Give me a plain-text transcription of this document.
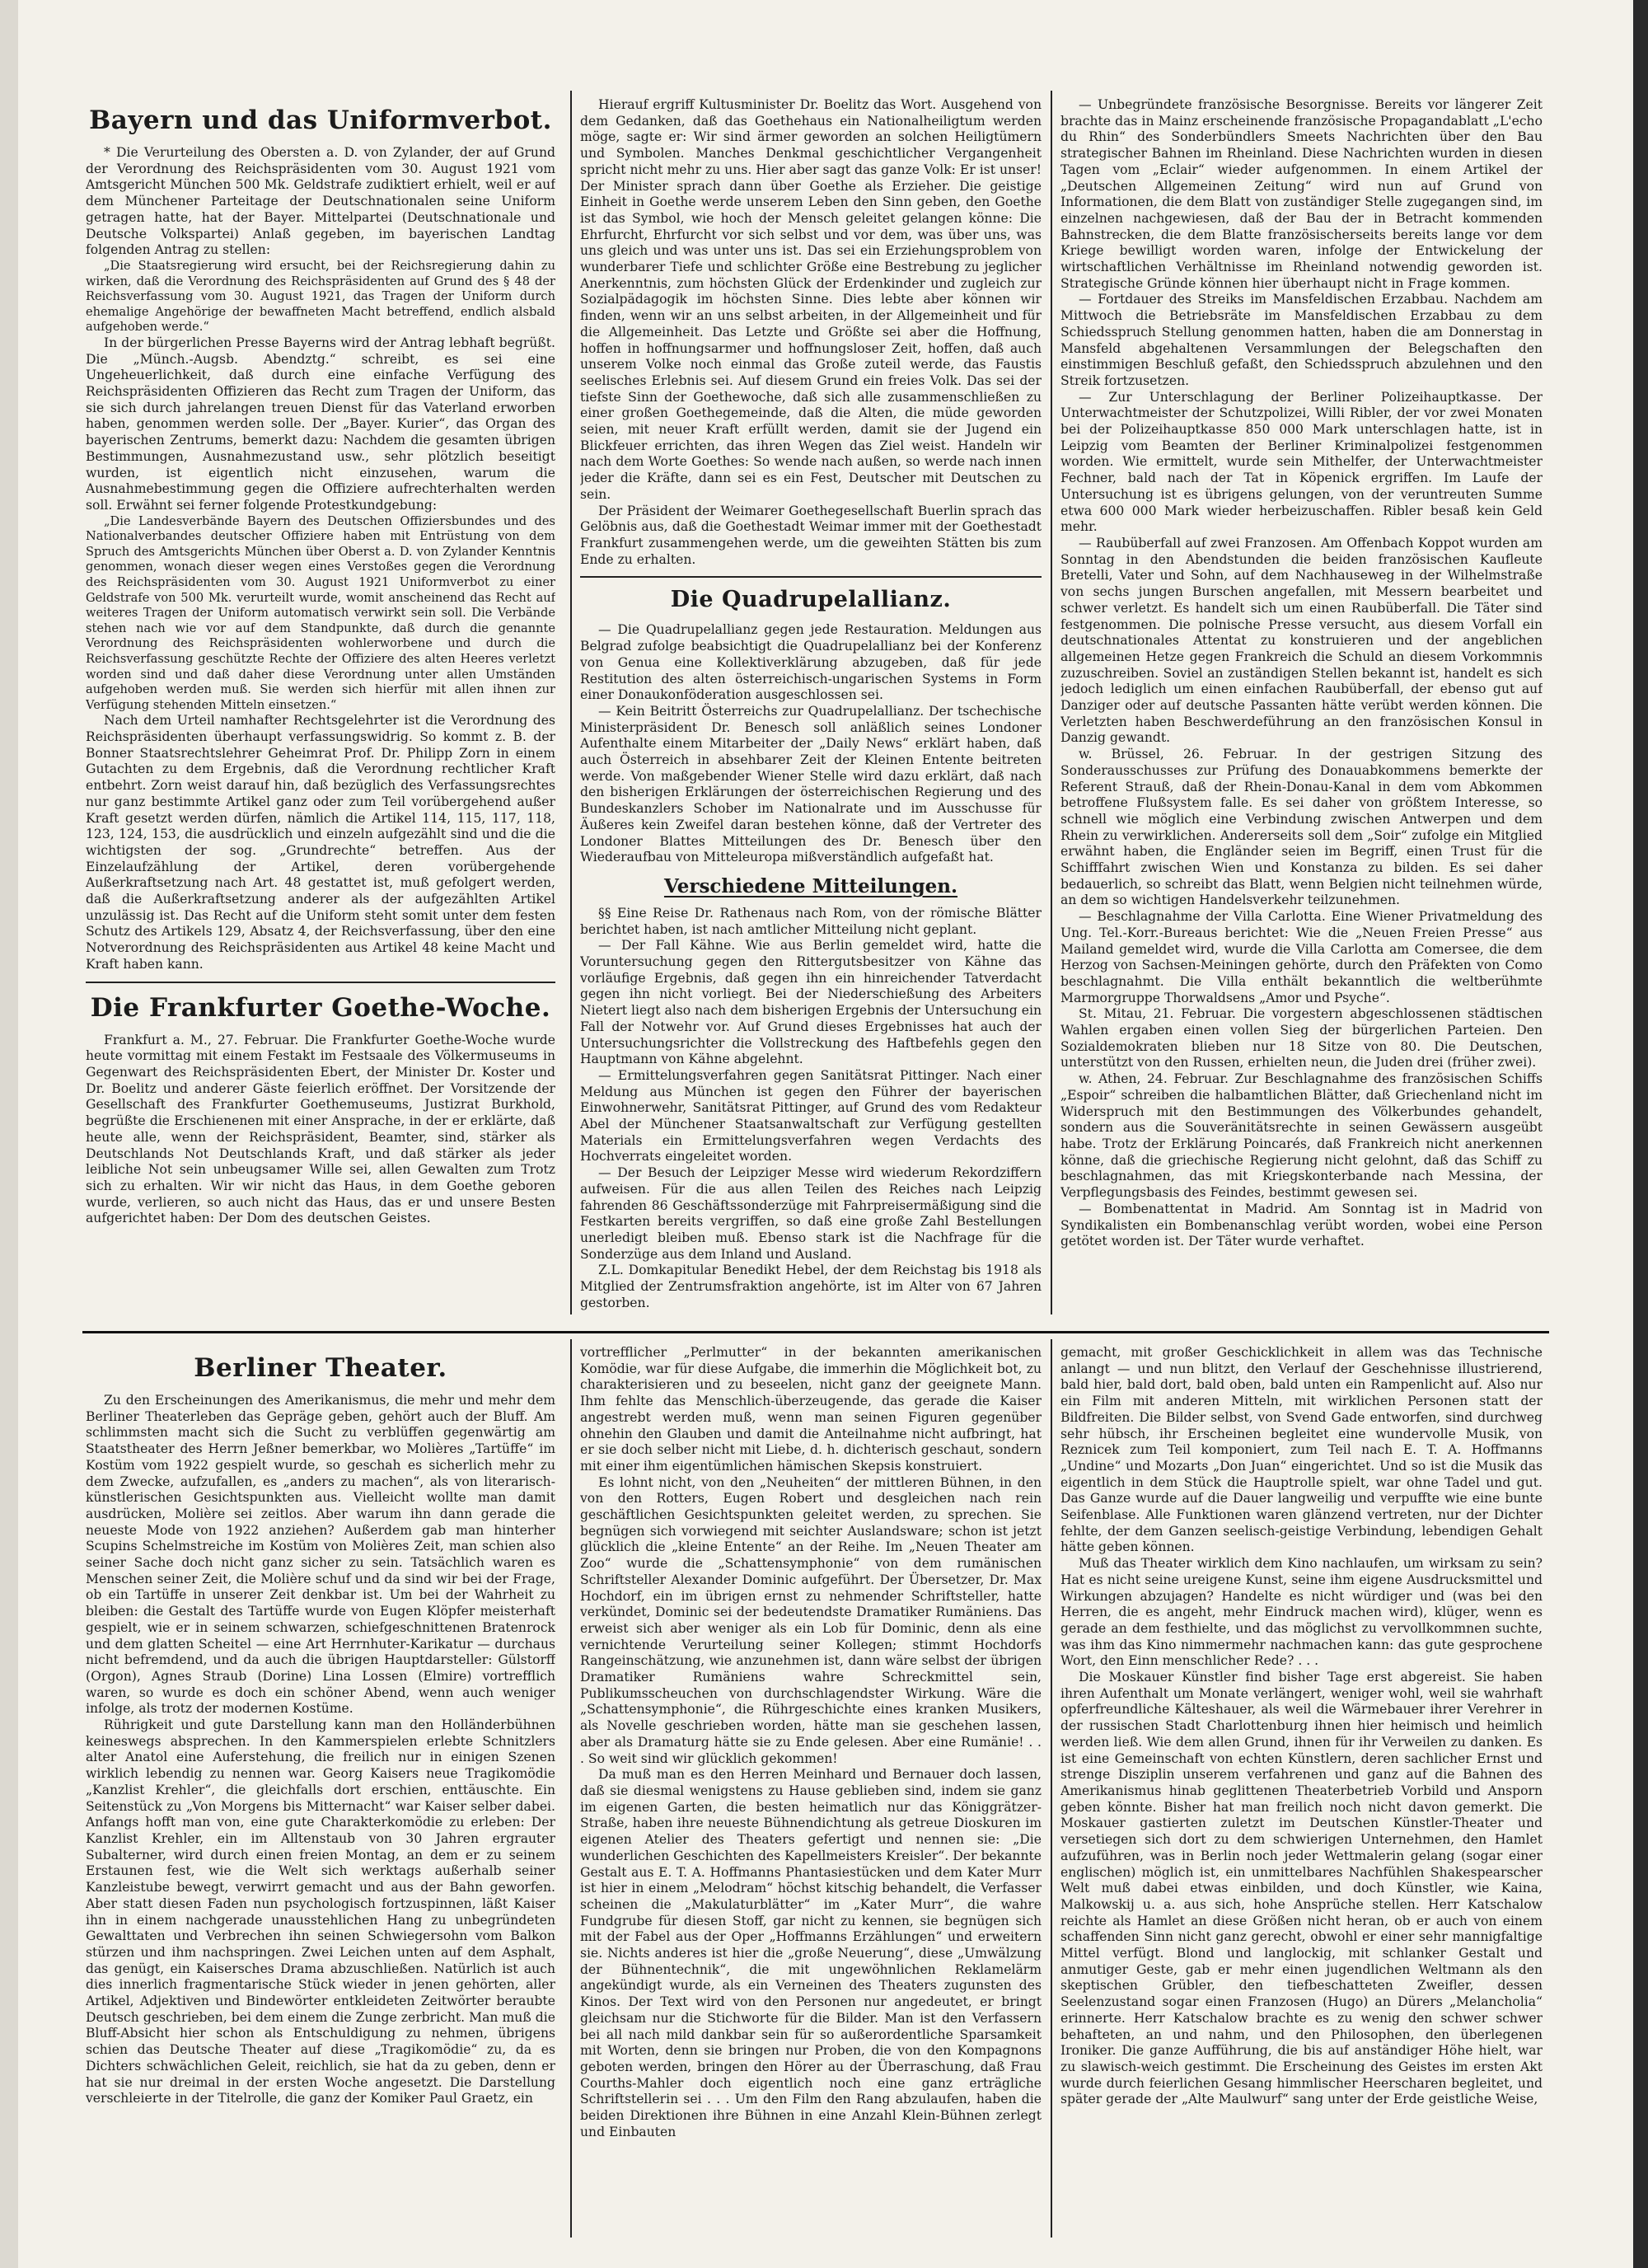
Bayern und das Uniformverbot.

* Die Verurteilung des Obersten a. D. von Zylander, der auf Grund der Verordnung des Reichspräsidenten vom 30. August 1921 vom Amtsgericht München 500 Mk. Geldstrafe zudiktiert erhielt, weil er auf dem Münchener Parteitage der Deutschnationalen seine Uniform getragen hatte, hat der Bayer. Mittelpartei (Deutschnationale und Deutsche Volkspartei) Anlaß gegeben, im bayerischen Landtag folgenden Antrag zu stellen:

„Die Staatsregierung wird ersucht, bei der Reichsregierung dahin zu wirken, daß die Verordnung des Reichspräsidenten auf Grund des § 48 der Reichsverfassung vom 30. August 1921, das Tragen der Uniform durch ehemalige Angehörige der bewaffneten Macht betreffend, endlich alsbald aufgehoben werde.“

In der bürgerlichen Presse Bayerns wird der Antrag lebhaft begrüßt. Die „Münch.-Augsb. Abendztg.“ schreibt, es sei eine Ungeheuerlichkeit, daß durch eine einfache Verfügung des Reichspräsidenten Offizieren das Recht zum Tragen der Uniform, das sie sich durch jahrelangen treuen Dienst für das Vaterland erworben haben, genommen werden solle. Der „Bayer. Kurier“, das Organ des bayerischen Zentrums, bemerkt dazu: Nachdem die gesamten übrigen Bestimmungen, Ausnahmezustand usw., sehr plötzlich beseitigt wurden, ist eigentlich nicht einzusehen, warum die Ausnahmebestimmung gegen die Offiziere aufrechterhalten werden soll. Erwähnt sei ferner folgende Protestkundgebung:

„Die Landesverbände Bayern des Deutschen Offiziersbundes und des Nationalverbandes deutscher Offiziere haben mit Entrüstung von dem Spruch des Amtsgerichts München über Oberst a. D. von Zylander Kenntnis genommen, wonach dieser wegen eines Verstoßes gegen die Verordnung des Reichspräsidenten vom 30. August 1921 Uniformverbot zu einer Geldstrafe von 500 Mk. verurteilt wurde, womit anscheinend das Recht auf weiteres Tragen der Uniform automatisch verwirkt sein soll. Die Verbände stehen nach wie vor auf dem Standpunkte, daß durch die genannte Verordnung des Reichspräsidenten wohlerworbene und durch die Reichsverfassung geschützte Rechte der Offiziere des alten Heeres verletzt worden sind und daß daher diese Verordnung unter allen Umständen aufgehoben werden muß. Sie werden sich hierfür mit allen ihnen zur Verfügung stehenden Mitteln einsetzen.“

Nach dem Urteil namhafter Rechtsgelehrter ist die Verordnung des Reichspräsidenten überhaupt verfassungswidrig. So kommt z. B. der Bonner Staatsrechtslehrer Geheimrat Prof. Dr. Philipp Zorn in einem Gutachten zu dem Ergebnis, daß die Verordnung rechtlicher Kraft entbehrt. Zorn weist darauf hin, daß bezüglich des Verfassungsrechtes nur ganz bestimmte Artikel ganz oder zum Teil vorübergehend außer Kraft gesetzt werden dürfen, nämlich die Artikel 114, 115, 117, 118, 123, 124, 153, die ausdrücklich und einzeln aufgezählt sind und die die wichtigsten der sog. „Grundrechte“ betreffen. Aus der Einzelaufzählung der Artikel, deren vorübergehende Außerkraftsetzung nach Art. 48 gestattet ist, muß gefolgert werden, daß die Außerkraftsetzung anderer als der aufgezählten Artikel unzulässig ist. Das Recht auf die Uniform steht somit unter dem festen Schutz des Artikels 129, Absatz 4, der Reichsverfassung, über den eine Notverordnung des Reichspräsidenten aus Artikel 48 keine Macht und Kraft haben kann.

Die Frankfurter Goethe-Woche.

Frankfurt a. M., 27. Februar. Die Frankfurter Goethe-Woche wurde heute vormittag mit einem Festakt im Festsaale des Völkermuseums in Gegenwart des Reichspräsidenten Ebert, der Minister Dr. Koster und Dr. Boelitz und anderer Gäste feierlich eröffnet. Der Vorsitzende der Gesellschaft des Frankfurter Goethemuseums, Justizrat Burkhold, begrüßte die Erschienenen mit einer Ansprache, in der er erklärte, daß heute alle, wenn der Reichspräsident, Beamter, sind, stärker als Deutschlands Not Deutschlands Kraft, und daß stärker als jeder leibliche Not sein unbeugsamer Wille sei, allen Gewalten zum Trotz sich zu erhalten. Wir wir nicht das Haus, in dem Goethe geboren wurde, verlieren, so auch nicht das Haus, das er und unsere Besten aufgerichtet haben: Der Dom des deutschen Geistes.

Hierauf ergriff Kultusminister Dr. Boelitz das Wort. Ausgehend von dem Gedanken, daß das Goethehaus ein Nationalheiligtum werden möge, sagte er: Wir sind ärmer geworden an solchen Heiligtümern und Symbolen. Manches Denkmal geschichtlicher Vergangenheit spricht nicht mehr zu uns. Hier aber sagt das ganze Volk: Er ist unser! Der Minister sprach dann über Goethe als Erzieher. Die geistige Einheit in Goethe werde unserem Leben den Sinn geben, den Goethe ist das Symbol, wie hoch der Mensch geleitet gelangen könne: Die Ehrfurcht, Ehrfurcht vor sich selbst und vor dem, was über uns, was uns gleich und was unter uns ist. Das sei ein Erziehungsproblem von wunderbarer Tiefe und schlichter Größe eine Bestrebung zu jeglicher Anerkenntnis, zum höchsten Glück der Erdenkinder und zugleich zur Sozialpädagogik im höchsten Sinne. Dies lebte aber können wir finden, wenn wir an uns selbst arbeiten, in der Allgemeinheit und für die Allgemeinheit. Das Letzte und Größte sei aber die Hoffnung, hoffen in hoffnungsarmer und hoffnungsloser Zeit, hoffen, daß auch unserem Volke noch einmal das Große zuteil werde, das Faustis seelisches Erlebnis sei. Auf diesem Grund ein freies Volk. Das sei der tiefste Sinn der Goethewoche, daß sich alle zusammenschließen zu einer großen Goethegemeinde, daß die Alten, die müde geworden seien, mit neuer Kraft erfüllt werden, damit sie der Jugend ein Blickfeuer errichten, das ihren Wegen das Ziel weist. Handeln wir nach dem Worte Goethes: So wende nach außen, so werde nach innen jeder die Kräfte, dann sei es ein Fest, Deutscher mit Deutschen zu sein.

Der Präsident der Weimarer Goethegesellschaft Buerlin sprach das Gelöbnis aus, daß die Goethestadt Weimar immer mit der Goethestadt Frankfurt zusammengehen werde, um die geweihten Stätten bis zum Ende zu erhalten.

Die Quadrupelallianz.

— Die Quadrupelallianz gegen jede Restauration. Meldungen aus Belgrad zufolge beabsichtigt die Quadrupelallianz bei der Konferenz von Genua eine Kollektiverklärung abzugeben, daß für jede Restitution des alten österreichisch-ungarischen Systems in Form einer Donaukonföderation ausgeschlossen sei.

— Kein Beitritt Österreichs zur Quadrupelallianz. Der tschechische Ministerpräsident Dr. Benesch soll anläßlich seines Londoner Aufenthalte einem Mitarbeiter der „Daily News“ erklärt haben, daß auch Österreich in absehbarer Zeit der Kleinen Entente beitreten werde. Von maßgebender Wiener Stelle wird dazu erklärt, daß nach den bisherigen Erklärungen der österreichischen Regierung und des Bundeskanzlers Schober im Nationalrate und im Ausschusse für Äußeres kein Zweifel daran bestehen könne, daß der Vertreter des Londoner Blattes Mitteilungen des Dr. Benesch über den Wiederaufbau von Mitteleuropa mißverständlich aufgefaßt hat.

Verschiedene Mitteilungen.

§§ Eine Reise Dr. Rathenaus nach Rom, von der römische Blätter berichtet haben, ist nach amtlicher Mitteilung nicht geplant.

— Der Fall Kähne. Wie aus Berlin gemeldet wird, hatte die Voruntersuchung gegen den Rittergutsbesitzer von Kähne das vorläufige Ergebnis, daß gegen ihn ein hinreichender Tatverdacht gegen ihn nicht vorliegt. Bei der Niederschießung des Arbeiters Nietert liegt also nach dem bisherigen Ergebnis der Untersuchung ein Fall der Notwehr vor. Auf Grund dieses Ergebnisses hat auch der Untersuchungsrichter die Vollstreckung des Haftbefehls gegen den Hauptmann von Kähne abgelehnt.

— Ermittelungsverfahren gegen Sanitätsrat Pittinger. Nach einer Meldung aus München ist gegen den Führer der bayerischen Einwohnerwehr, Sanitätsrat Pittinger, auf Grund des vom Redakteur Abel der Münchener Staatsanwaltschaft zur Verfügung gestellten Materials ein Ermittelungsverfahren wegen Verdachts des Hochverrats eingeleitet worden.

— Der Besuch der Leipziger Messe wird wiederum Rekordziffern aufweisen. Für die aus allen Teilen des Reiches nach Leipzig fahrenden 86 Geschäftssonderzüge mit Fahrpreisermäßigung sind die Festkarten bereits vergriffen, so daß eine große Zahl Bestellungen unerledigt bleiben muß. Ebenso stark ist die Nachfrage für die Sonderzüge aus dem Inland und Ausland.

Z.L. Domkapitular Benedikt Hebel, der dem Reichstag bis 1918 als Mitglied der Zentrumsfraktion angehörte, ist im Alter von 67 Jahren gestorben.

— Unbegründete französische Besorgnisse. Bereits vor längerer Zeit brachte das in Mainz erscheinende französische Propagandablatt „L'echo du Rhin“ des Sonderbündlers Smeets Nachrichten über den Bau strategischer Bahnen im Rheinland. Diese Nachrichten wurden in diesen Tagen vom „Eclair“ wieder aufgenommen. In einem Artikel der „Deutschen Allgemeinen Zeitung“ wird nun auf Grund von Informationen, die dem Blatt von zuständiger Stelle zugegangen sind, im einzelnen nachgewiesen, daß der Bau der in Betracht kommenden Bahnstrecken, die dem Blatte französischerseits bereits lange vor dem Kriege bewilligt worden waren, infolge der Entwickelung der wirtschaftlichen Verhältnisse im Rheinland notwendig geworden ist. Strategische Gründe können hier überhaupt nicht in Frage kommen.

— Fortdauer des Streiks im Mansfeldischen Erzabbau. Nachdem am Mittwoch die Betriebsräte im Mansfeldischen Erzabbau zu dem Schiedsspruch Stellung genommen hatten, haben die am Donnerstag in Mansfeld abgehaltenen Versammlungen der Belegschaften den einstimmigen Beschluß gefaßt, den Schiedsspruch abzulehnen und den Streik fortzusetzen.

— Zur Unterschlagung der Berliner Polizeihauptkasse. Der Unterwachtmeister der Schutzpolizei, Willi Ribler, der vor zwei Monaten bei der Polizeihauptkasse 850 000 Mark unterschlagen hatte, ist in Leipzig vom Beamten der Berliner Kriminalpolizei festgenommen worden. Wie ermittelt, wurde sein Mithelfer, der Unterwachtmeister Fechner, bald nach der Tat in Köpenick ergriffen. Im Laufe der Untersuchung ist es übrigens gelungen, von der veruntreuten Summe etwa 600 000 Mark wieder herbeizuschaffen. Ribler besaß kein Geld mehr.

— Raubüberfall auf zwei Franzosen. Am Offenbach Koppot wurden am Sonntag in den Abendstunden die beiden französischen Kaufleute Bretelli, Vater und Sohn, auf dem Nachhauseweg in der Wilhelmstraße von sechs jungen Burschen angefallen, mit Messern bearbeitet und schwer verletzt. Es handelt sich um einen Raubüberfall. Die Täter sind festgenommen. Die polnische Presse versucht, aus diesem Vorfall ein deutschnationales Attentat zu konstruieren und der angeblichen allgemeinen Hetze gegen Frankreich die Schuld an diesem Vorkommnis zuzuschreiben. Soviel an zuständigen Stellen bekannt ist, handelt es sich jedoch lediglich um einen einfachen Raubüberfall, der ebenso gut auf Danziger oder auf deutsche Passanten hätte verübt werden können. Die Verletzten haben Beschwerdeführung an den französischen Konsul in Danzig gewandt.

w. Brüssel, 26. Februar. In der gestrigen Sitzung des Sonderausschusses zur Prüfung des Donauabkommens bemerkte der Referent Strauß, daß der Rhein-Donau-Kanal in dem vom Abkommen betroffene Flußsystem falle. Es sei daher von größtem Interesse, so schnell wie möglich eine Verbindung zwischen Antwerpen und dem Rhein zu verwirklichen. Andererseits soll dem „Soir“ zufolge ein Mitglied erwähnt haben, die Engländer seien im Begriff, einen Trust für die Schifffahrt zwischen Wien und Konstanza zu bilden. Es sei daher bedauerlich, so schreibt das Blatt, wenn Belgien nicht teilnehmen würde, an dem so wichtigen Handelsverkehr teilzunehmen.

— Beschlagnahme der Villa Carlotta. Eine Wiener Privatmeldung des Ung. Tel.-Korr.-Bureaus berichtet: Wie die „Neuen Freien Presse“ aus Mailand gemeldet wird, wurde die Villa Carlotta am Comersee, die dem Herzog von Sachsen-Meiningen gehörte, durch den Präfekten von Como beschlagnahmt. Die Villa enthält bekanntlich die weltberühmte Marmorgruppe Thorwaldsens „Amor und Psyche“.

St. Mitau, 21. Februar. Die vorgestern abgeschlossenen städtischen Wahlen ergaben einen vollen Sieg der bürgerlichen Parteien. Den Sozialdemokraten blieben nur 18 Sitze von 80. Die Deutschen, unterstützt von den Russen, erhielten neun, die Juden drei (früher zwei).

w. Athen, 24. Februar. Zur Beschlagnahme des französischen Schiffs „Espoir“ schreiben die halbamtlichen Blätter, daß Griechenland nicht im Widerspruch mit den Bestimmungen des Völkerbundes gehandelt, sondern aus die Souveränitätsrechte in seinen Gewässern ausgeübt habe. Trotz der Erklärung Poincarés, daß Frankreich nicht anerkennen könne, daß die griechische Regierung nicht gelohnt, daß das Schiff zu beschlagnahmen, das mit Kriegskonterbande nach Messina, der Verpflegungsbasis des Feindes, bestimmt gewesen sei.

— Bombenattentat in Madrid. Am Sonntag ist in Madrid von Syndikalisten ein Bombenanschlag verübt worden, wobei eine Person getötet worden ist. Der Täter wurde verhaftet.

Berliner Theater.

Zu den Erscheinungen des Amerikanismus, die mehr und mehr dem Berliner Theaterleben das Gepräge geben, gehört auch der Bluff. Am schlimmsten macht sich die Sucht zu verblüffen gegenwärtig am Staatstheater des Herrn Jeßner bemerkbar, wo Molières „Tartüffe“ im Kostüm vom 1922 gespielt wurde, so geschah es sicherlich mehr zu dem Zwecke, aufzufallen, es „anders zu machen“, als von literarisch-künstlerischen Gesichtspunkten aus. Vielleicht wollte man damit ausdrücken, Molière sei zeitlos. Aber warum ihn dann gerade die neueste Mode von 1922 anziehen? Außerdem gab man hinterher Scupins Schelmstreiche im Kostüm von Molières Zeit, man schien also seiner Sache doch nicht ganz sicher zu sein. Tatsächlich waren es Menschen seiner Zeit, die Molière schuf und da sind wir bei der Frage, ob ein Tartüffe in unserer Zeit denkbar ist. Um bei der Wahrheit zu bleiben: die Gestalt des Tartüffe wurde von Eugen Klöpfer meisterhaft gespielt, wie er in seinem schwarzen, schiefgeschnittenen Bratenrock und dem glatten Scheitel — eine Art Herrnhuter-Karikatur — durchaus nicht befremdend, und da auch die übrigen Hauptdarsteller: Gülstorff (Orgon), Agnes Straub (Dorine) Lina Lossen (Elmire) vortrefflich waren, so wurde es doch ein schöner Abend, wenn auch weniger infolge, als trotz der modernen Kostüme.

Rührigkeit und gute Darstellung kann man den Holländerbühnen keineswegs absprechen. In den Kammerspielen erlebte Schnitzlers alter Anatol eine Auferstehung, die freilich nur in einigen Szenen wirklich lebendig zu nennen war. Georg Kaisers neue Tragikomödie „Kanzlist Krehler“, die gleichfalls dort erschien, enttäuschte. Ein Seitenstück zu „Von Morgens bis Mitternacht“ war Kaiser selber dabei. Anfangs hofft man von, eine gute Charakterkomödie zu erleben: Der Kanzlist Krehler, ein im Alltenstaub von 30 Jahren ergrauter Subalterner, wird durch einen freien Montag, an dem er zu seinem Erstaunen fest, wie die Welt sich werktags außerhalb seiner Kanzleistube bewegt, verwirrt gemacht und aus der Bahn geworfen. Aber statt diesen Faden nun psychologisch fortzuspinnen, läßt Kaiser ihn in einem nachgerade unausstehlichen Hang zu unbegründeten Gewalttaten und Verbrechen ihn seinen Schwiegersohn vom Balkon stürzen und ihm nachspringen. Zwei Leichen unten auf dem Asphalt, das genügt, ein Kaisersches Drama abzuschließen. Natürlich ist auch dies innerlich fragmentarische Stück wieder in jenen gehörten, aller Artikel, Adjektiven und Bindewörter entkleideten Zeitwörter beraubte Deutsch geschrieben, bei dem einem die Zunge zerbricht. Man muß die Bluff-Absicht hier schon als Entschuldigung zu nehmen, übrigens schien das Deutsche Theater auf diese „Tragikomödie“ zu, da es Dichters schwächlichen Geleit, reichlich, sie hat da zu geben, denn er hat sie nur dreimal in der ersten Woche angesetzt. Die Darstellung verschleierte in der Titelrolle, die ganz der Komiker Paul Graetz, ein

vortrefflicher „Perlmutter“ in der bekannten amerikanischen Komödie, war für diese Aufgabe, die immerhin die Möglichkeit bot, zu charakterisieren und zu beseelen, nicht ganz der geeignete Mann. Ihm fehlte das Menschlich-überzeugende, das gerade die Kaiser angestrebt werden muß, wenn man seinen Figuren gegenüber ohnehin den Glauben und damit die Anteilnahme nicht aufbringt, hat er sie doch selber nicht mit Liebe, d. h. dichterisch geschaut, sondern mit einer ihm eigentümlichen hämischen Skepsis konstruiert.

Es lohnt nicht, von den „Neuheiten“ der mittleren Bühnen, in den von den Rotters, Eugen Robert und desgleichen nach rein geschäftlichen Gesichtspunkten geleitet werden, zu sprechen. Sie begnügen sich vorwiegend mit seichter Auslandsware; schon ist jetzt glücklich die „kleine Entente“ an der Reihe. Im „Neuen Theater am Zoo“ wurde die „Schattensymphonie“ von dem rumänischen Schriftsteller Alexander Dominic aufgeführt. Der Übersetzer, Dr. Max Hochdorf, ein im übrigen ernst zu nehmender Schriftsteller, hatte verkündet, Dominic sei der bedeutendste Dramatiker Rumäniens. Das erweist sich aber weniger als ein Lob für Dominic, denn als eine vernichtende Verurteilung seiner Kollegen; stimmt Hochdorfs Rangeinschätzung, wie anzunehmen ist, dann wäre selbst der übrigen Dramatiker Rumäniens wahre Schreckmittel sein, Publikumsscheuchen von durchschlagendster Wirkung. Wäre die „Schattensymphonie“, die Rührgeschichte eines kranken Musikers, als Novelle geschrieben worden, hätte man sie geschehen lassen, aber als Dramaturg hätte sie zu Ende gelesen. Aber eine Rumänie! . . . So weit sind wir glücklich gekommen!

Da muß man es den Herren Meinhard und Bernauer doch lassen, daß sie diesmal wenigstens zu Hause geblieben sind, indem sie ganz im eigenen Garten, die besten heimatlich nur das Königgrätzer-Straße, haben ihre neueste Bühnendichtung als getreue Dioskuren im eigenen Atelier des Theaters gefertigt und nennen sie: „Die wunderlichen Geschichten des Kapellmeisters Kreisler“. Der bekannte Gestalt aus E. T. A. Hoffmanns Phantasiestücken und dem Kater Murr ist hier in einem „Melodram“ höchst kitschig behandelt, die Verfasser scheinen die „Makulaturblätter“ im „Kater Murr“, die wahre Fundgrube für diesen Stoff, gar nicht zu kennen, sie begnügen sich mit der Fabel aus der Oper „Hoffmanns Erzählungen“ und erweitern sie. Nichts anderes ist hier die „große Neuerung“, diese „Umwälzung der Bühnentechnik“, die mit ungewöhnlichen Reklamelärm angekündigt wurde, als ein Verneinen des Theaters zugunsten des Kinos. Der Text wird von den Personen nur angedeutet, er bringt gleichsam nur die Stichworte für die Bilder. Man ist den Verfassern bei all nach mild dankbar sein für so außerordentliche Sparsamkeit mit Worten, denn sie bringen nur Proben, die von den Kompagnons geboten werden, bringen den Hörer au der Überraschung, daß Frau Courths-Mahler doch eigentlich noch eine ganz erträgliche Schriftstellerin sei . . . Um den Film den Rang abzulaufen, haben die beiden Direktionen ihre Bühnen in eine Anzahl Klein-Bühnen zerlegt und Einbauten

gemacht, mit großer Geschicklichkeit in allem was das Technische anlangt — und nun blitzt, den Verlauf der Geschehnisse illustrierend, bald hier, bald dort, bald oben, bald unten ein Rampenlicht auf. Also nur ein Film mit anderen Mitteln, mit wirklichen Personen statt der Bildfreiten. Die Bilder selbst, von Svend Gade entworfen, sind durchweg sehr hübsch, ihr Erscheinen begleitet eine wundervolle Musik, von Reznicek zum Teil komponiert, zum Teil nach E. T. A. Hoffmanns „Undine“ und Mozarts „Don Juan“ eingerichtet. Und so ist die Musik das eigentlich in dem Stück die Hauptrolle spielt, war ohne Tadel und gut. Das Ganze wurde auf die Dauer langweilig und verpuffte wie eine bunte Seifenblase. Alle Funktionen waren glänzend vertreten, nur der Dichter fehlte, der dem Ganzen seelisch-geistige Verbindung, lebendigen Gehalt hätte geben können.

Muß das Theater wirklich dem Kino nachlaufen, um wirksam zu sein? Hat es nicht seine ureigene Kunst, seine ihm eigene Ausdrucksmittel und Wirkungen abzujagen? Handelte es nicht würdiger und (was bei den Herren, die es angeht, mehr Eindruck machen wird), klüger, wenn es gerade an dem festhielte, und das möglichst zu vervollkommnen suchte, was ihm das Kino nimmermehr nachmachen kann: das gute gesprochene Wort, den Einn menschlicher Rede? . . .

Die Moskauer Künstler find bisher Tage erst abgereist. Sie haben ihren Aufenthalt um Monate verlängert, weniger wohl, weil sie wahrhaft opferfreundliche Kälteshauer, als weil die Wärmebauer ihrer Verehrer in der russischen Stadt Charlottenburg ihnen hier heimisch und heimlich werden ließ. Wie dem allen Grund, ihnen für ihr Verweilen zu danken. Es ist eine Gemeinschaft von echten Künstlern, deren sachlicher Ernst und strenge Disziplin unserem verfahrenen und ganz auf die Bahnen des Amerikanismus hinab geglittenen Theaterbetrieb Vorbild und Ansporn geben könnte. Bisher hat man freilich noch nicht davon gemerkt. Die Moskauer gastierten zuletzt im Deutschen Künstler-Theater und versetiegen sich dort zu dem schwierigen Unternehmen, den Hamlet aufzuführen, was in Berlin noch jeder Wettmalerin gelang (sogar einer englischen) möglich ist, ein unmittelbares Nachfühlen Shakespearscher Welt muß dabei etwas einbilden, und doch Künstler, wie Kaina, Malkowskij u. a. aus sich, hohe Ansprüche stellen. Herr Katschalow reichte als Hamlet an diese Größen nicht heran, ob er auch von einem schaffenden Sinn nicht ganz gerecht, obwohl er einer sehr mannigfaltige Mittel verfügt. Blond und langlockig, mit schlanker Gestalt und anmutiger Geste, gab er mehr einen jugendlichen Weltmann als den skeptischen Grübler, den tiefbeschatteten Zweifler, dessen Seelenzustand sogar einen Franzosen (Hugo) an Dürers „Melancholia“ erinnerte. Herr Katschalow brachte es zu wenig den schwer schwer behafteten, an und nahm, und den Philosophen, den überlegenen Ironiker. Die ganze Aufführung, die bis auf anständiger Höhe hielt, war zu slawisch-weich gestimmt. Die Erscheinung des Geistes im ersten Akt wurde durch feierlichen Gesang himmlischer Heerscharen begleitet, und später gerade der „Alte Maulwurf“ sang unter der Erde geistliche Weise,
